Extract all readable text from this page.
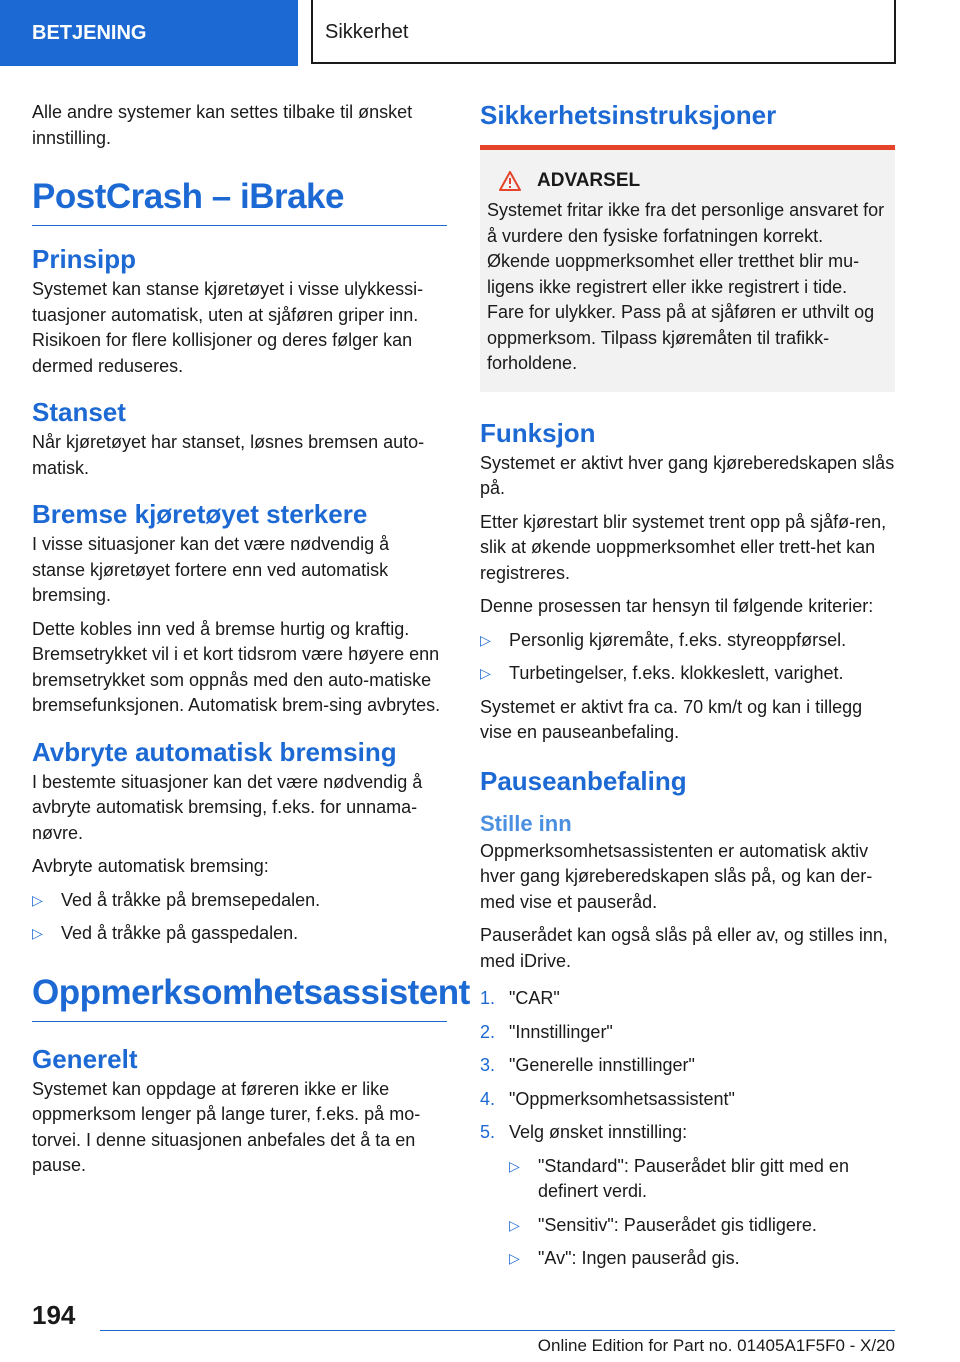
BETJENING	Sikkerhet

Alle andre systemer kan settes tilbake til ønsket innstilling.

PostCrash – iBrake
Prinsipp

Systemet kan stanse kjøretøyet i visse ulykkessi-tuasjoner automatisk, uten at sjåføren griper inn. Risikoen for flere kollisjoner og deres følger kan dermed reduseres.

Stanset

Når kjøretøyet har stanset, løsnes bremsen auto-matisk.

Bremse kjøretøyet sterkere

I visse situasjoner kan det være nødvendig å stanse kjøretøyet fortere enn ved automatisk bremsing.

Dette kobles inn ved å bremse hurtig og kraftig. Bremsetrykket vil i et kort tidsrom være høyere enn bremsetrykket som oppnås med den auto-matiske bremsefunksjonen. Automatisk brem-sing avbrytes.

Avbryte automatisk bremsing

I bestemte situasjoner kan det være nødvendig å avbryte automatisk bremsing, f.eks. for unnama-nøvre.

Avbryte automatisk bremsing:

▷ Ved å tråkke på bremsepedalen.
▷ Ved å tråkke på gasspedalen.
Oppmerksomhetsassistent
Generelt

Systemet kan oppdage at føreren ikke er like oppmerksom lenger på lange turer, f.eks. på mo-torvei. I denne situasjonen anbefales det å ta en pause.

Sikkerhetsinstruksjoner
ADVARSEL

Systemet fritar ikke fra det personlige ansvaret for å vurdere den fysiske forfatningen korrekt. Økende uoppmerksomhet eller tretthet blir mu-ligens ikke registrert eller ikke registrert i tide. Fare for ulykker. Pass på at sjåføren er uthvilt og oppmerksom. Tilpass kjøremåten til trafikk-forholdene.

Funksjon

Systemet er aktivt hver gang kjøreberedskapen slås på.

Etter kjørestart blir systemet trent opp på sjåfø-ren, slik at økende uoppmerksomhet eller trett-het kan registreres.

Denne prosessen tar hensyn til følgende kriterier:

▷ Personlig kjøremåte, f.eks. styreoppførsel.
▷ Turbetingelser, f.eks. klokkeslett, varighet.

Systemet er aktivt fra ca. 70 km/t og kan i tillegg vise en pauseanbefaling.

Pauseanbefaling
Stille inn

Oppmerksomhetsassistenten er automatisk aktiv hver gang kjøreberedskapen slås på, og kan der-med vise et pauseråd.

Pauserådet kan også slås på eller av, og stilles inn, med iDrive.

1. "CAR"
2. "Innstillinger"
3. "Generelle innstillinger"
4. "Oppmerksomhetsassistent"
5. Velg ønsket innstilling:
▷ "Standard": Pauserådet blir gitt med en definert verdi.
▷ "Sensitiv": Pauserådet gis tidligere.
▷ "Av": Ingen pauseråd gis.
194
Online Edition for Part no. 01405A1F5F0 - X/20
